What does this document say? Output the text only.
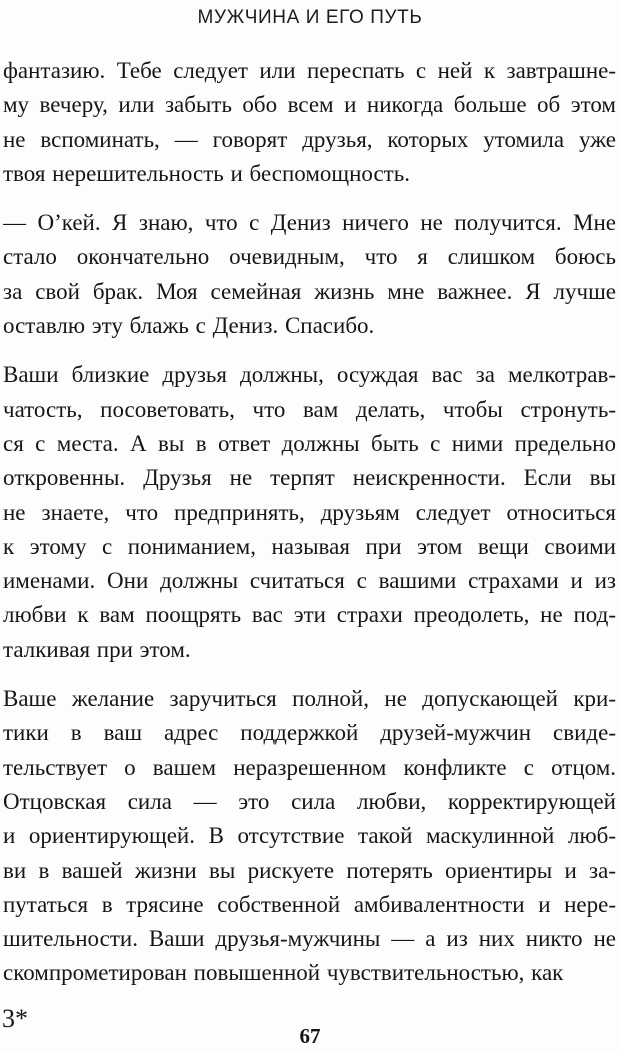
МУЖЧИНА И ЕГО ПУТЬ
фантазию. Тебе следует или переспать с ней к завтрашне-
му вечеру, или забыть обо всем и никогда больше об этом
не вспоминать, — говорят друзья, которых утомила уже
твоя нерешительность и беспомощность.
— О’кей. Я знаю, что с Дениз ничего не получится. Мне
стало окончательно очевидным, что я слишком боюсь
за свой брак. Моя семейная жизнь мне важнее. Я лучше
оставлю эту блажь с Дениз. Спасибо.
Ваши близкие друзья должны, осуждая вас за мелкотрав-
чатость, посоветовать, что вам делать, чтобы стронуть-
ся с места. А вы в ответ должны быть с ними предельно
откровенны. Друзья не терпят неискренности. Если вы
не знаете, что предпринять, друзьям следует относиться
к этому с пониманием, называя при этом вещи своими
именами. Они должны считаться с вашими страхами и из
любви к вам поощрять вас эти страхи преодолеть, не под-
талкивая при этом.
Ваше желание заручиться полной, не допускающей кри-
тики в ваш адрес поддержкой друзей-мужчин свиде-
тельствует о вашем неразрешенном конфликте с отцом.
Отцовская сила — это сила любви, корректирующей
и ориентирующей. В отсутствие такой маскулинной люб-
ви в вашей жизни вы рискуете потерять ориентиры и за-
путаться в трясине собственной амбивалентности и нере-
шительности. Ваши друзья-мужчины — а из них никто не
скомпрометирован повышенной чувствительностью, как
3*
67
